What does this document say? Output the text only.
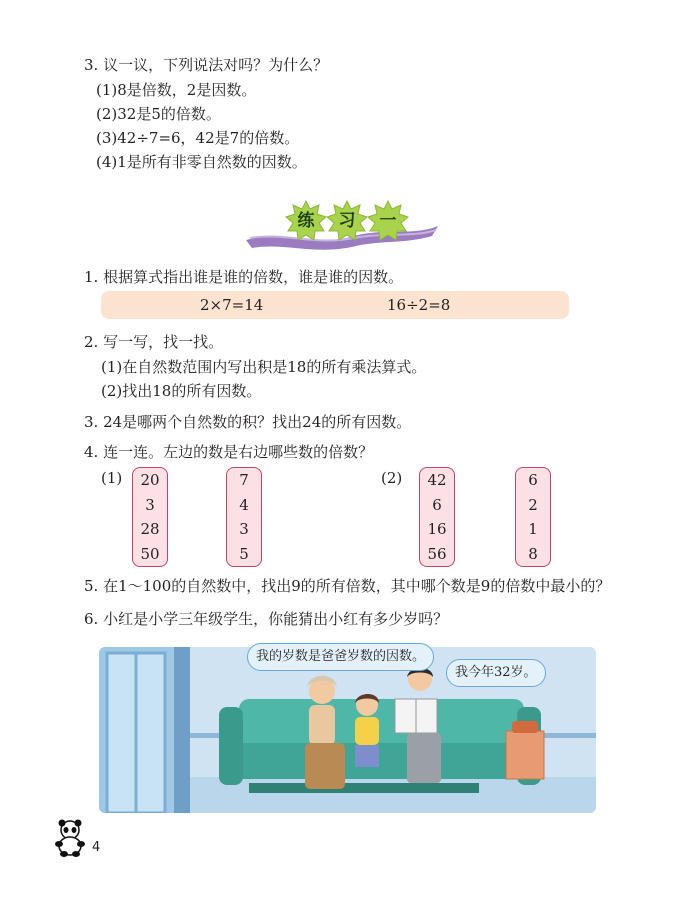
3. 议一议，下列说法对吗？为什么？
(1)8是倍数，2是因数。
(2)32是5的倍数。
(3)42÷7=6，42是7的倍数。
(4)1是所有非零自然数的因数。
练	习	一
1. 根据算式指出谁是谁的倍数，谁是谁的因数。
2×7=14	16÷2=8
2. 写一写，找一找。
(1)在自然数范围内写出积是18的所有乘法算式。
(2)找出18的所有因数。
3. 24是哪两个自然数的积？找出24的所有因数。
4. 连一连。左边的数是右边哪些数的倍数？
(1)	(2)
20
3
28
50
7
4
3
5
42
6
16
56
6
2
1
8
5. 在1～100的自然数中，找出9的所有倍数，其中哪个数是9的倍数中最小的？
6. 小红是小学三年级学生，你能猜出小红有多少岁吗？
我的岁数是爸爸岁数的因数。
我今年32岁。
4
